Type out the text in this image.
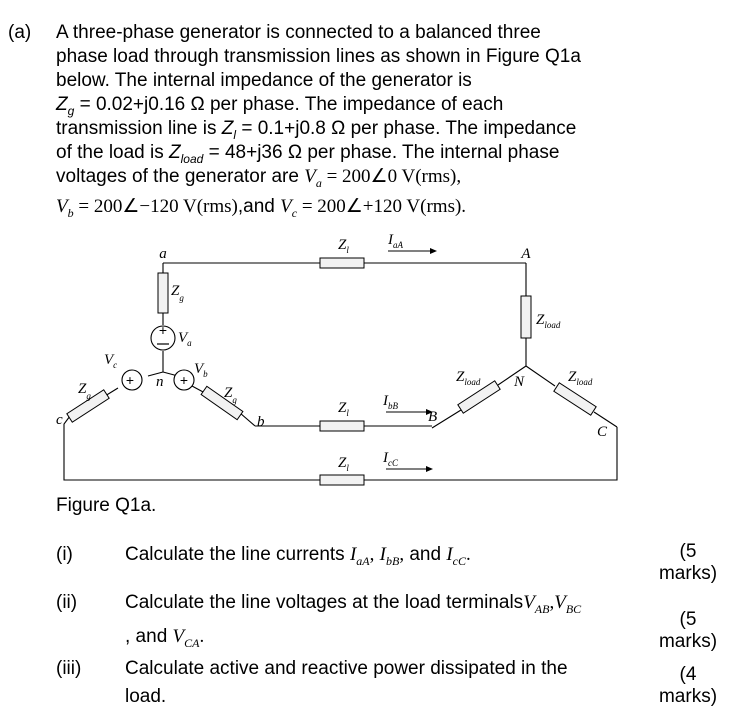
(a) A three-phase generator is connected to a balanced three
phase load through transmission lines as shown in Figure Q1a
below. The internal impedance of the generator is
$Z_g = 0.02+j0.16$ Ω per phase. The impedance of each
transmission line is $Z_l = 0.1+j0.8$ Ω per phase. The impedance
of the load is $Z_{load} = 48+j36$ Ω per phase. The internal phase
voltages of the generator are $V_a$ = 200∠0 V(rms),
$V_b$ = 200∠−120 V(rms),and $V_c$ = 200∠+120 V(rms).
+
+
+
a	A
n	N
b	B
c
C
$Z_l$
$Z_l$
$Z_l$
$I_{aA}$
$I_{bB}$
$I_{cC}$
$Z_g$
$Z_g$
$Z_g$
$V_a$
$V_b$
$V_c$
$Z_{load}$
$Z_{load}$	$Z_{load}$
Figure Q1a.
(i)	Calculate the line currents $I_{aA}$, $I_{bB}$, and $I_{cC}$.	(5
marks)
(ii)	Calculate the line voltages at the load $terminalsV_{AB},V_{BC}$
, and $V_{CA}$.
(5
marks)
(iii) Calculate active and reactive power dissipated in the
load.
(4
marks)
